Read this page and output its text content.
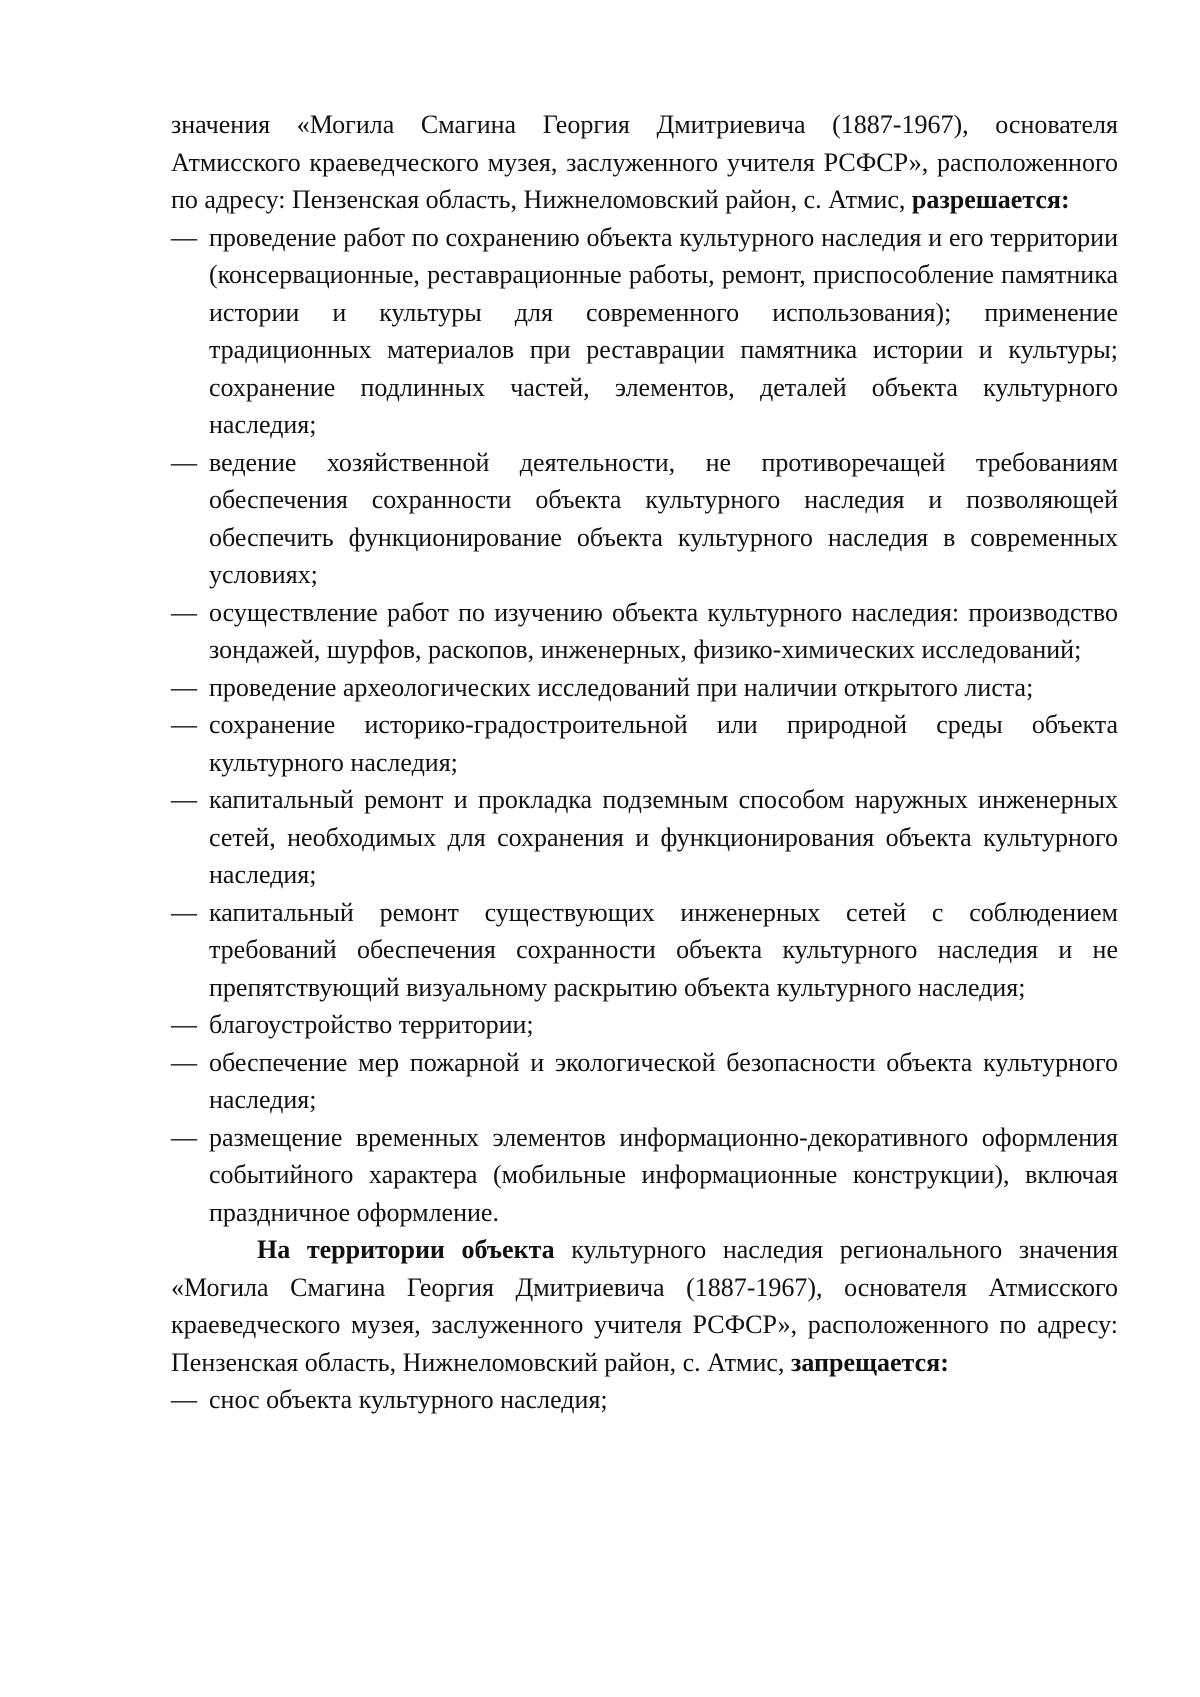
значения «Могила Смагина Георгия Дмитриевича (1887-1967), основателя Атмисского краеведческого музея, заслуженного учителя РСФСР», расположенного по адресу: Пензенская область, Нижнеломовский район, с. Атмис, разрешается:

— проведение работ по сохранению объекта культурного наследия и его территории (консервационные, реставрационные работы, ремонт, приспособление памятника истории и культуры для современного использования); применение традиционных материалов при реставрации памятника истории и культуры; сохранение подлинных частей, элементов, деталей объекта культурного наследия;
— ведение хозяйственной деятельности, не противоречащей требованиям обеспечения сохранности объекта культурного наследия и позволяющей обеспечить функционирование объекта культурного наследия в современных условиях;
— осуществление работ по изучению объекта культурного наследия: производство зондажей, шурфов, раскопов, инженерных, физико-химических исследований;
— проведение археологических исследований при наличии открытого листа;
— сохранение историко-градостроительной или природной среды объекта культурного наследия;
— капитальный ремонт и прокладка подземным способом наружных инженерных сетей, необходимых для сохранения и функционирования объекта культурного наследия;
— капитальный ремонт существующих инженерных сетей с соблюдением требований обеспечения сохранности объекта культурного наследия и не препятствующий визуальному раскрытию объекта культурного наследия;
— благоустройство территории;
— обеспечение мер пожарной и экологической безопасности объекта культурного наследия;
— размещение временных элементов информационно-декоративного оформления событийного характера (мобильные информационные конструкции), включая праздничное оформление.

На территории объекта культурного наследия регионального значения «Могила Смагина Георгия Дмитриевича (1887-1967), основателя Атмисского краеведческого музея, заслуженного учителя РСФСР», расположенного по адресу: Пензенская область, Нижнеломовский район, с. Атмис, запрещается:

— снос объекта культурного наследия;
